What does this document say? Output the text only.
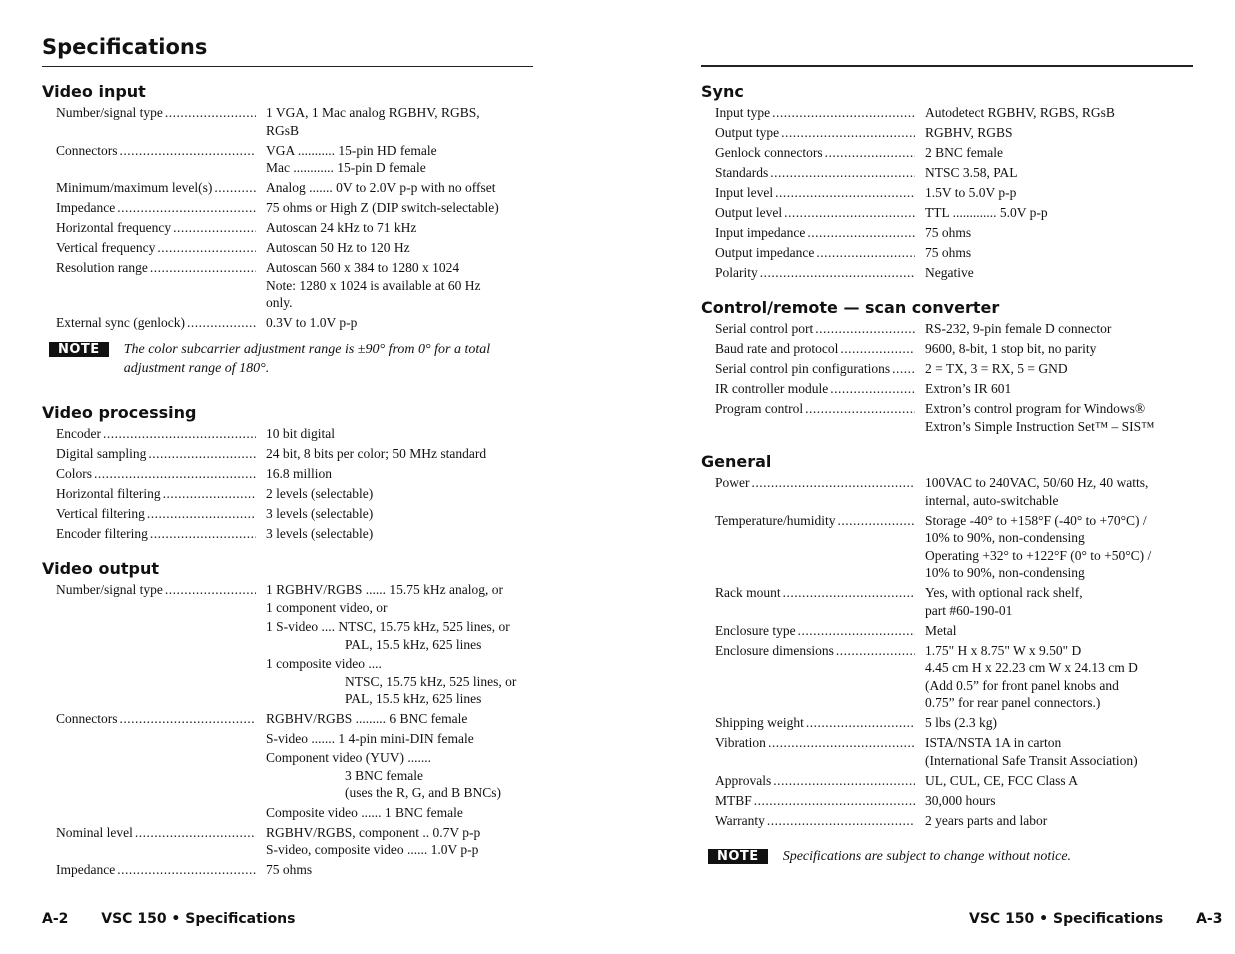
Specifications
Video input
Number/signal type .....	1 VGA, 1 Mac analog RGBHV, RGBS,
RGsB
Connectors .....	VGA ........... 15-pin HD female
Mac ............ 15-pin D female
Minimum/maximum level(s) .....	Analog ....... 0V to 2.0V p-p with no offset
Impedance .....	75 ohms or High Z (DIP switch-selectable)
Horizontal frequency .....	Autoscan 24 kHz to 71 kHz
Vertical frequency .....	Autoscan 50 Hz to 120 Hz
Resolution range .....	Autoscan 560 x 384 to 1280 x 1024
Note: 1280 x 1024 is available at 60 Hz
only.
External sync (genlock) .....	0.3V to 1.0V p-p
NOTE	The color subcarrier adjustment range is ±90° from 0° for a total adjustment range of 180°.
Video processing
Encoder .....	10 bit digital
Digital sampling .....	24 bit, 8 bits per color; 50 MHz standard
Colors .....	16.8 million
Horizontal filtering .....	2 levels (selectable)
Vertical filtering .....	3 levels (selectable)
Encoder filtering .....	3 levels (selectable)
Video output
Number/signal type .....	1 RGBHV/RGBS ...... 15.75 kHz analog, or
1 component video, or
1 S-video .... NTSC, 15.75 kHz, 525 lines, or
PAL, 15.5 kHz, 625 lines
1 composite video ....
NTSC, 15.75 kHz, 525 lines, or
PAL, 15.5 kHz, 625 lines
Connectors .....	RGBHV/RGBS ......... 6 BNC female
S-video ....... 1 4-pin mini-DIN female
Component video (YUV) .......
3 BNC female
(uses the R, G, and B BNCs)
Composite video ...... 1 BNC female
Nominal level .....	RGBHV/RGBS, component .. 0.7V p-p
S-video, composite video ...... 1.0V p-p
Impedance .....	75 ohms
A-2 VSC 150 • Specifications
Sync
Input type .....	Autodetect RGBHV, RGBS, RGsB
Output type .....	RGBHV, RGBS
Genlock connectors .....	2 BNC female
Standards .....	NTSC 3.58, PAL
Input level .....	1.5V to 5.0V p-p
Output level .....	TTL ............. 5.0V p-p
Input impedance .....	75 ohms
Output impedance .....	75 ohms
Polarity .....	Negative
Control/remote — scan converter
Serial control port .....	RS-232, 9-pin female D connector
Baud rate and protocol .....	9600, 8-bit, 1 stop bit, no parity
Serial control pin configurations .....	2 = TX, 3 = RX, 5 = GND
IR controller module .....	Extron’s IR 601
Program control .....	Extron’s control program for Windows®
Extron’s Simple Instruction Set™ – SIS™
General
Power .....	100VAC to 240VAC, 50/60 Hz, 40 watts,
internal, auto-switchable
Temperature/humidity .....	Storage -40° to +158°F (-40° to +70°C) /
10% to 90%, non-condensing
Operating +32° to +122°F (0° to +50°C) /
10% to 90%, non-condensing
Rack mount .....	Yes, with optional rack shelf,
part #60-190-01
Enclosure type .....	Metal
Enclosure dimensions .....	1.75" H x 8.75" W x 9.50" D
4.45 cm H x 22.23 cm W x 24.13 cm D
(Add 0.5” for front panel knobs and
0.75” for rear panel connectors.)
Shipping weight .....	5 lbs (2.3 kg)
Vibration .....	ISTA/NSTA 1A in carton
(International Safe Transit Association)
Approvals .....	UL, CUL, CE, FCC Class A
MTBF .....	30,000 hours
Warranty .....	2 years parts and labor
NOTE	Specifications are subject to change without notice.
VSC 150 • Specifications A-3
